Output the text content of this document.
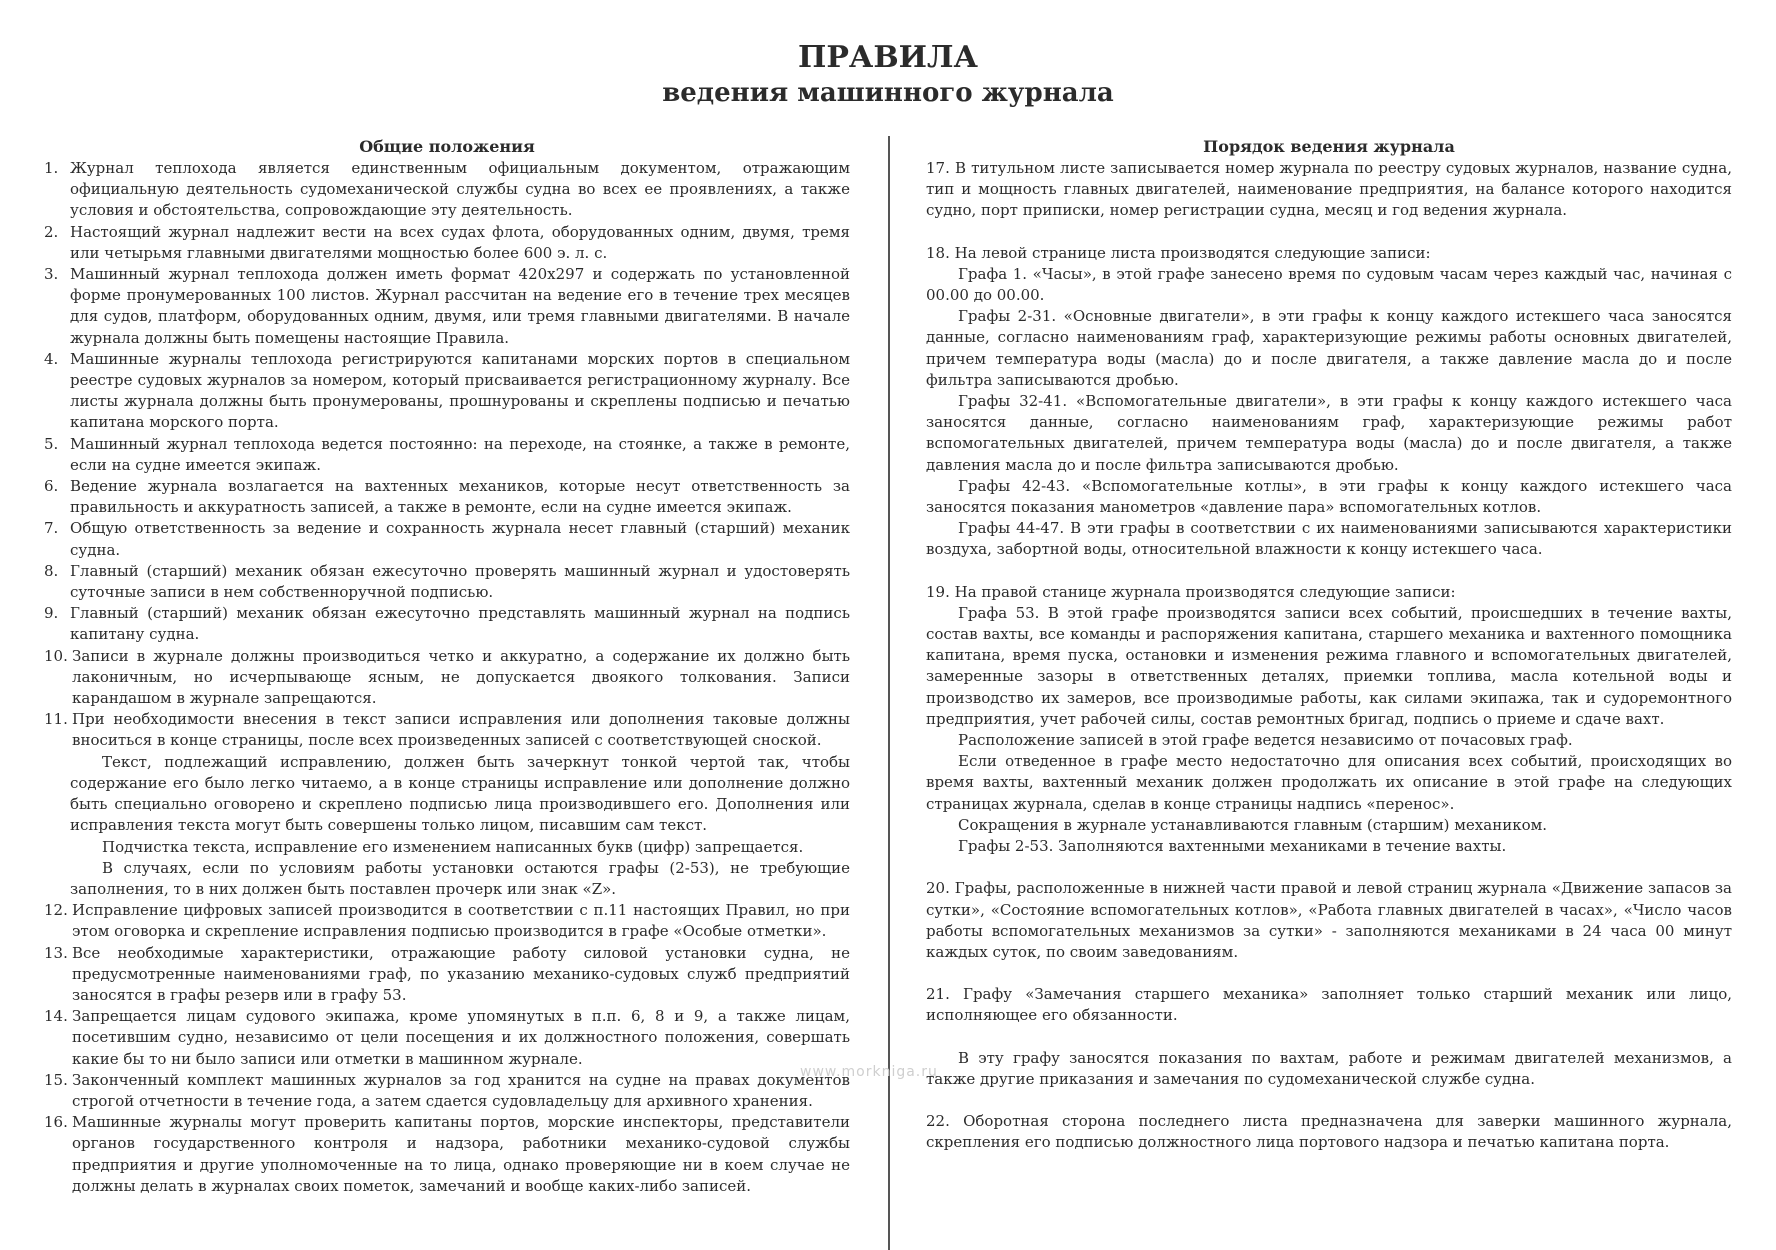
ПРАВИЛА
ведения машинного журнала
Общие положения
1. Журнал теплохода является единственным официальным документом, отражающим официальную деятельность судомеханической службы судна во всех ее проявлениях, а также условия и обстоятельства, сопровождающие эту деятельность.
2. Настоящий журнал надлежит вести на всех судах флота, оборудованных одним, двумя, тремя или четырьмя главными двигателями мощностью более 600 э. л. с.
3. Машинный журнал теплохода должен иметь формат 420x297 и содержать по установленной форме пронумерованных 100 листов. Журнал рассчитан на ведение его в течение трех месяцев для судов, платформ, оборудованных одним, двумя, или тремя главными двигателями. В начале журнала должны быть помещены настоящие Правила.
4. Машинные журналы теплохода регистрируются капитанами морских портов в специальном реестре судовых журналов за номером, который присваивается регистрационному журналу. Все листы журнала должны быть пронумерованы, прошнурованы и скреплены подписью и печатью капитана морского порта.
5. Машинный журнал теплохода ведется постоянно: на переходе, на стоянке, а также в ремонте, если на судне имеется экипаж.
6. Ведение журнала возлагается на вахтенных механиков, которые несут ответственность за правильность и аккуратность записей, а также в ремонте, если на судне имеется экипаж.
7. Общую ответственность за ведение и сохранность журнала несет главный (старший) механик судна.
8. Главный (старший) механик обязан ежесуточно проверять машинный журнал и удостоверять суточные записи в нем собственноручной подписью.
9. Главный (старший) механик обязан ежесуточно представлять машинный журнал на подпись капитану судна.
10. Записи в журнале должны производиться четко и аккуратно, а содержание их должно быть лаконичным, но исчерпывающе ясным, не допускается двоякого толкования. Записи карандашом в журнале запрещаются.
11. При необходимости внесения в текст записи исправления или дополнения таковые должны вноситься в конце страницы, после всех произведенных записей с соответствующей сноской.

Текст, подлежащий исправлению, должен быть зачеркнут тонкой чертой так, чтобы содержание его было легко читаемо, а в конце страницы исправление или дополнение должно быть специально оговорено и скреплено подписью лица производившего его. Дополнения или исправления текста могут быть совершены только лицом, писавшим сам текст.

Подчистка текста, исправление его изменением написанных букв (цифр) запрещается.

В случаях, если по условиям работы установки остаются графы (2-53), не требующие заполнения, то в них должен быть поставлен прочерк или знак «Z».

12. Исправление цифровых записей производится в соответствии с п.11 настоящих Правил, но при этом оговорка и скрепление исправления подписью производится в графе «Особые отметки».
13. Все необходимые характеристики, отражающие работу силовой установки судна, не предусмотренные наименованиями граф, по указанию механико-судовых служб предприятий заносятся в графы резерв или в графу 53.
14. Запрещается лицам судового экипажа, кроме упомянутых в п.п. 6, 8 и 9, а также лицам, посетившим судно, независимо от цели посещения и их должностного положения, совершать какие бы то ни было записи или отметки в машинном журнале.
15. Законченный комплект машинных журналов за год хранится на судне на правах документов строгой отчетности в течение года, а затем сдается судовладельцу для архивного хранения.
16. Машинные журналы могут проверить капитаны портов, морские инспекторы, представители органов государственного контроля и надзора, работники механико-судовой службы предприятия и другие уполномоченные на то лица, однако проверяющие ни в коем случае не должны делать в журналах своих пометок, замечаний и вообще каких-либо записей.
Порядок ведения журнала

17. В титульном листе записывается номер журнала по реестру судовых журналов, название судна, тип и мощность главных двигателей, наименование предприятия, на балансе которого находится судно, порт приписки, номер регистрации судна, месяц и год ведения журнала.

18. На левой странице листа производятся следующие записи:

Графа 1. «Часы», в этой графе занесено время по судовым часам через каждый час, начиная с 00.00 до 00.00.

Графы 2-31. «Основные двигатели», в эти графы к концу каждого истекшего часа заносятся данные, согласно наименованиям граф, характеризующие режимы работы основных двигателей, причем температура воды (масла) до и после двигателя, а также давление масла до и после фильтра записываются дробью.

Графы 32-41. «Вспомогательные двигатели», в эти графы к концу каждого истекшего часа заносятся данные, согласно наименованиям граф, характеризующие режимы работ вспомогательных двигателей, причем температура воды (масла) до и после двигателя, а также давления масла до и после фильтра записываются дробью.

Графы 42-43. «Вспомогательные котлы», в эти графы к концу каждого истекшего часа заносятся показания манометров «давление пара» вспомогательных котлов.

Графы 44-47. В эти графы в соответствии с их наименованиями записываются характеристики воздуха, забортной воды, относительной влажности к концу истекшего часа.

19. На правой станице журнала производятся следующие записи:

Графа 53. В этой графе производятся записи всех событий, происшедших в течение вахты, состав вахты, все команды и распоряжения капитана, старшего механика и вахтенного помощника капитана, время пуска, остановки и изменения режима главного и вспомогательных двигателей, замеренные зазоры в ответственных деталях, приемки топлива, масла котельной воды и производство их замеров, все производимые работы, как силами экипажа, так и судоремонтного предприятия, учет рабочей силы, состав ремонтных бригад, подпись о приеме и сдаче вахт.

Расположение записей в этой графе ведется независимо от почасовых граф.

Если отведенное в графе место недостаточно для описания всех событий, происходящих во время вахты, вахтенный механик должен продолжать их описание в этой графе на следующих страницах журнала, сделав в конце страницы надпись «перенос».

Сокращения в журнале устанавливаются главным (старшим) механиком.

Графы 2-53. Заполняются вахтенными механиками в течение вахты.

20. Графы, расположенные в нижней части правой и левой страниц журнала «Движение запасов за сутки», «Состояние вспомогательных котлов», «Работа главных двигателей в часах», «Число часов работы вспомогательных механизмов за сутки» - заполняются механиками в 24 часа 00 минут каждых суток, по своим заведованиям.

21. Графу «Замечания старшего механика» заполняет только старший механик или лицо, исполняющее его обязанности.

В эту графу заносятся показания по вахтам, работе и режимам двигателей механизмов, а также другие приказания и замечания по судомеханической службе судна.

22. Оборотная сторона последнего листа предназначена для заверки машинного журнала, скрепления его подписью должностного лица портового надзора и печатью капитана порта.

www.morkniga.ru
